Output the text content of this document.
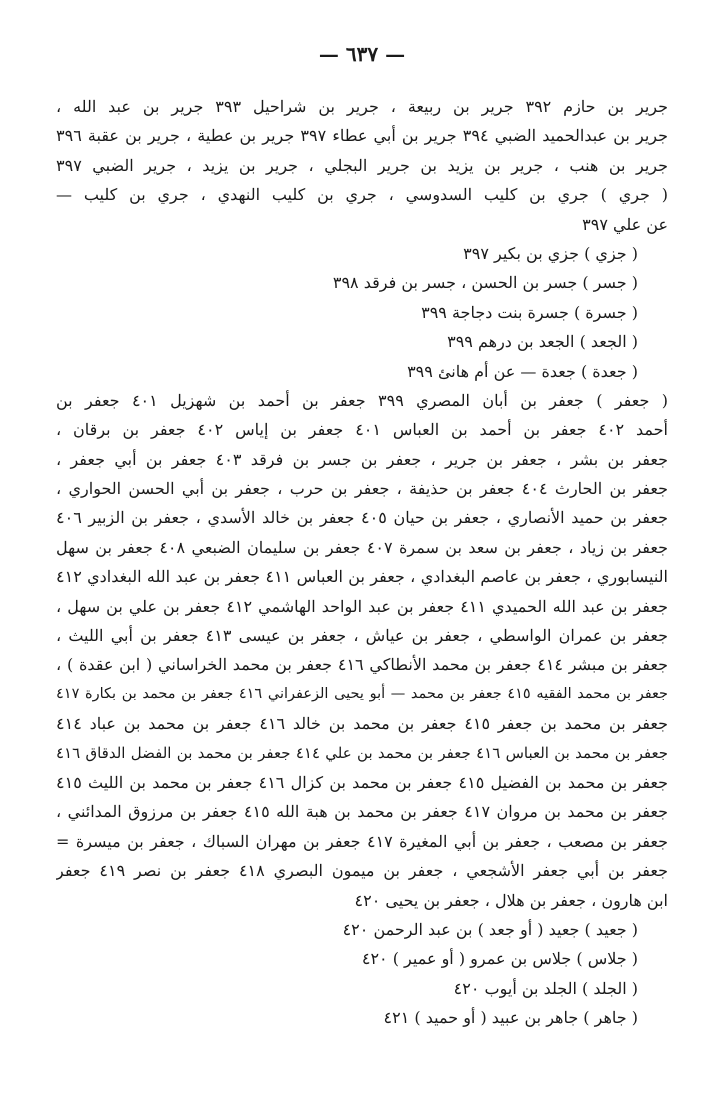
— ٦٣٧ —
جرير بن حازم ٣٩٢ جرير بن ربيعة ، جرير بن شراحيل ٣٩٣ جرير بن عبد الله ،
جرير بن عبدالحميد الضبي ٣٩٤ جرير بن أبي عطاء ٣٩٧ جرير بن عطية ، جرير بن عقبة ٣٩٦
جرير بن هنب ، جرير بن يزيد بن جرير البجلي ، جرير بن يزيد ، جرير الضبي ٣٩٧
( جري ) جري بن كليب السدوسي ، جري بن كليب النهدي ، جري بن كليب —
عن علي ٣٩٧
( جزي ) جزي بن بكير ٣٩٧
( جسر ) جسر بن الحسن ، جسر بن فرقد ٣٩٨
( جسرة ) جسرة بنت دجاجة ٣٩٩
( الجعد ) الجعد بن درهم ٣٩٩
( جعدة ) جعدة — عن أم هانئ ٣٩٩
( جعفر ) جعفر بن أبان المصري ٣٩٩ جعفر بن أحمد بن شهزيل ٤٠١ جعفر بن
أحمد ٤٠٢ جعفر بن أحمد بن العباس ٤٠١ جعفر بن إياس ٤٠٢ جعفر بن برقان ،
جعفر بن بشر ، جعفر بن جرير ، جعفر بن جسر بن فرقد ٤٠٣ جعفر بن أبي جعفر ،
جعفر بن الحارث ٤٠٤ جعفر بن حذيفة ، جعفر بن حرب ، جعفر بن أبي الحسن الحواري ،
جعفر بن حميد الأنصاري ، جعفر بن حيان ٤٠٥ جعفر بن خالد الأسدي ، جعفر بن الزبير ٤٠٦
جعفر بن زياد ، جعفر بن سعد بن سمرة ٤٠٧ جعفر بن سليمان الضبعي ٤٠٨ جعفر بن سهل
النيسابوري ، جعفر بن عاصم البغدادي ، جعفر بن العباس ٤١١ جعفر بن عبد الله البغدادي ٤١٢
جعفر بن عبد الله الحميدي ٤١١ جعفر بن عبد الواحد الهاشمي ٤١٢ جعفر بن علي بن سهل ،
جعفر بن عمران الواسطي ، جعفر بن عياش ، جعفر بن عيسى ٤١٣ جعفر بن أبي الليث ،
جعفر بن مبشر ٤١٤ جعفر بن محمد الأنطاكي ٤١٦ جعفر بن محمد الخراساني ( ابن عقدة ) ،
جعفر بن محمد الفقيه ٤١٥ جعفر بن محمد — أبو يحيى الزعفراني ٤١٦ جعفر بن محمد بن بكارة ٤١٧
جعفر بن محمد بن جعفر ٤١٥ جعفر بن محمد بن خالد ٤١٦ جعفر بن محمد بن عباد ٤١٤
جعفر بن محمد بن العباس ٤١٦ جعفر بن محمد بن علي ٤١٤ جعفر بن محمد بن الفضل الدقاق ٤١٦
جعفر بن محمد بن الفضيل ٤١٥ جعفر بن محمد بن كزال ٤١٦ جعفر بن محمد بن الليث ٤١٥
جعفر بن محمد بن مروان ٤١٧ جعفر بن محمد بن هبة الله ٤١٥ جعفر بن مرزوق المدائني ،
جعفر بن مصعب ، جعفر بن أبي المغيرة ٤١٧ جعفر بن مهران السباك ، جعفر بن ميسرة =
جعفر بن أبي جعفر الأشجعي ، جعفر بن ميمون البصري ٤١٨ جعفر بن نصر ٤١٩ جعفر
ابن هارون ، جعفر بن هلال ، جعفر بن يحيى ٤٢٠
( جعيد ) جعيد ( أو جعد ) بن عبد الرحمن ٤٢٠
( جلاس ) جلاس بن عمرو ( أو عمير ) ٤٢٠
( الجلد ) الجلد بن أيوب ٤٢٠
( جاهر ) جاهر بن عبيد ( أو حميد ) ٤٢١
